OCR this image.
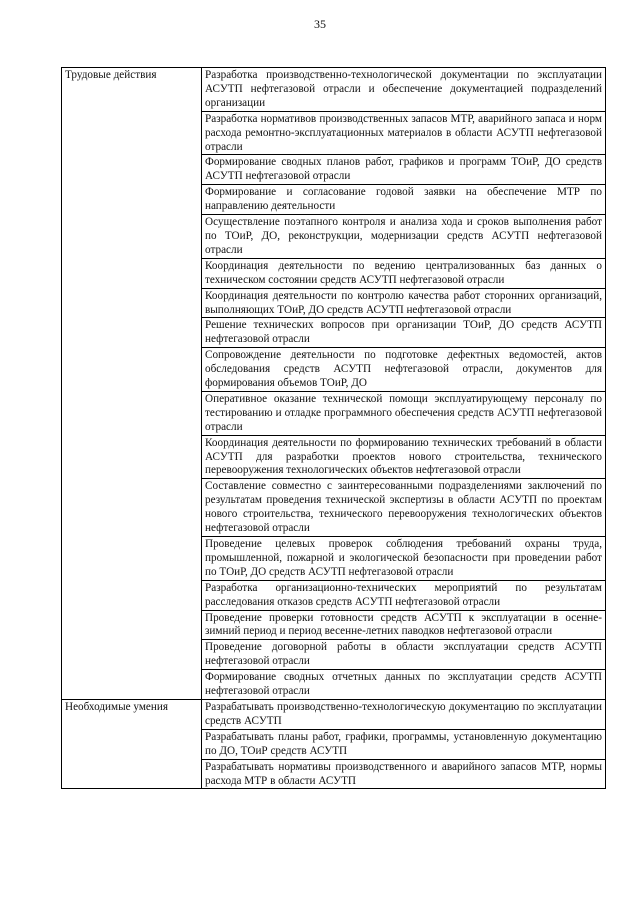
35
Трудовые действия	Разработка производственно-технологической документации по эксплуатации АСУТП нефтегазовой отрасли и обеспечение документацией подразделений организации
	Разработка нормативов производственных запасов МТР, аварийного запаса и норм расхода ремонтно-эксплуатационных материалов в области АСУТП нефтегазовой отрасли
	Формирование сводных планов работ, графиков и программ ТОиР, ДО средств АСУТП нефтегазовой отрасли
	Формирование и согласование годовой заявки на обеспечение МТР по направлению деятельности
	Осуществление поэтапного контроля и анализа хода и сроков выполнения работ по ТОиР, ДО, реконструкции, модернизации средств АСУТП нефтегазовой отрасли
	Координация деятельности по ведению централизованных баз данных о техническом состоянии средств АСУТП нефтегазовой отрасли
	Координация деятельности по контролю качества работ сторонних организаций, выполняющих ТОиР, ДО средств АСУТП нефтегазовой отрасли
	Решение технических вопросов при организации ТОиР, ДО средств АСУТП нефтегазовой отрасли
	Сопровождение деятельности по подготовке дефектных ведомостей, актов обследования средств АСУТП нефтегазовой отрасли, документов для формирования объемов ТОиР, ДО
	Оперативное оказание технической помощи эксплуатирующему персоналу по тестированию и отладке программного обеспечения средств АСУТП нефтегазовой отрасли
	Координация деятельности по формированию технических требований в области АСУТП для разработки проектов нового строительства, технического перевооружения технологических объектов нефтегазовой отрасли
	Составление совместно с заинтересованными подразделениями заключений по результатам проведения технической экспертизы в области АСУТП по проектам нового строительства, технического перевооружения технологических объектов нефтегазовой отрасли
	Проведение целевых проверок соблюдения требований охраны труда, промышленной, пожарной и экологической безопасности при проведении работ по ТОиР, ДО средств АСУТП нефтегазовой отрасли
	Разработка организационно-технических мероприятий по результатам расследования отказов средств АСУТП нефтегазовой отрасли
	Проведение проверки готовности средств АСУТП к эксплуатации в осенне-зимний период и период весенне-летних паводков нефтегазовой отрасли
	Проведение договорной работы в области эксплуатации средств АСУТП нефтегазовой отрасли
	Формирование сводных отчетных данных по эксплуатации средств АСУТП нефтегазовой отрасли
Необходимые умения	Разрабатывать производственно-технологическую документацию по эксплуатации средств АСУТП
	Разрабатывать планы работ, графики, программы, установленную документацию по ДО, ТОиР средств АСУТП
	Разрабатывать нормативы производственного и аварийного запасов МТР, нормы расхода МТР в области АСУТП
